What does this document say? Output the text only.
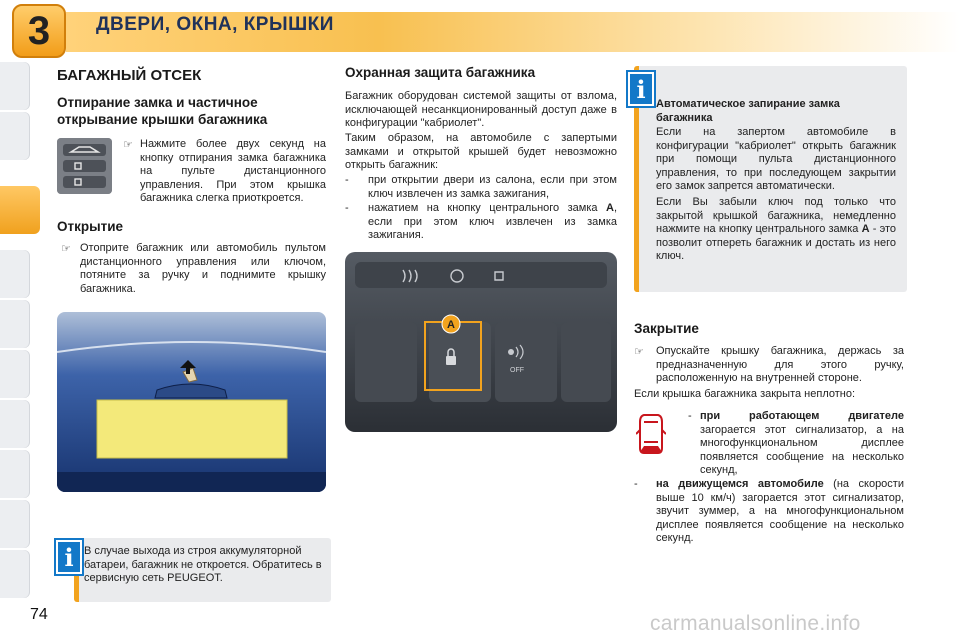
3	ДВЕРИ, ОКНА, КРЫШКИ
БАГАЖНЫЙ ОТСЕК
Отпирание замка и частичное
открывание крышки багажника
☞ Нажмите более двух секунд на кнопку отпирания замка багажника на пульте дистанционного управления. При этом крышка багажника слегка приоткроется.

Открытие
☞ Отоприте багажник или автомобиль пультом дистанционного управления или ключом, потяните за ручку и поднимите крышку багажника.

i В случае выхода из строя аккумуляторной батареи, багажник не откроется. Обратитесь в сервисную сеть PEUGEOT.

Охранная защита багажника

Багажник оборудован системой защиты от взлома, исключающей несанкционированный доступ даже в конфигурации "кабриолет".

Таким образом, на автомобиле с запертыми замками и открытой крышей будет невозможно открыть багажник:

- при открытии двери из салона, если при этом ключ извлечен из замка зажигания,

- нажатием на кнопку центрального замка A, если при этом ключ извлечен из замка зажигания.

A
OFF
i

Автоматическое запирание замка багажника

Если на запертом автомобиле в конфигурации "кабриолет" открыть багажник при помощи пульта дистанционного управления, то при последующем закрытии его замок запрется автоматически.

Если Вы забыли ключ под только что закрытой крышкой багажника, немедленно нажмите на кнопку центрального замка A - это позволит отпереть багажник и достать из него ключ.

Закрытие
☞ Опускайте крышку багажника, держась за предназначенную для этого ручку, расположенную на внутренней стороне.

Если крышка багажника закрыта неплотно:

- при работающем двигателе загорается этот сигнализатор, а на многофункциональном дисплее появляется сообщение на несколько секунд,

- на движущемся автомобиле (на скорости выше 10 км/ч) загорается этот сигнализатор, звучит зуммер, а на многофункциональном дисплее появляется сообщение на несколько секунд.

74	carmanualsonline.info
